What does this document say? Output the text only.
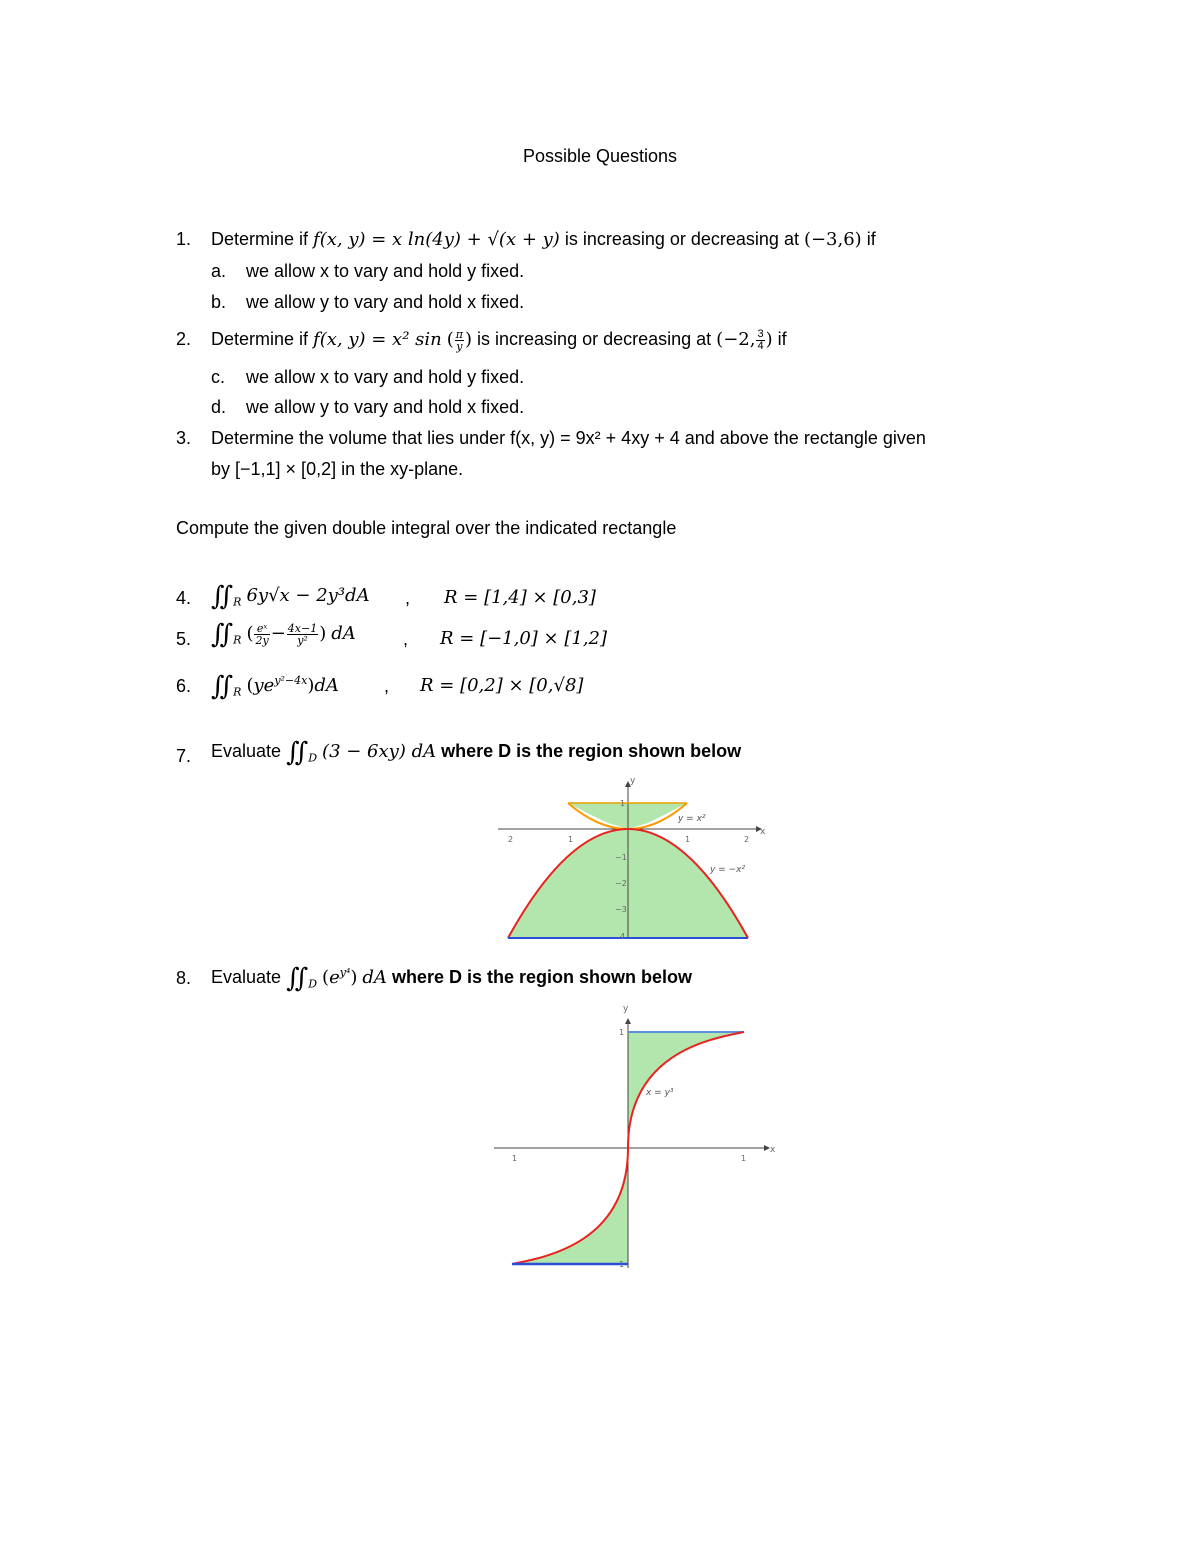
Possible Questions
1. Determine if f(x, y) = x ln(4y) + √(x + y) is increasing or decreasing at (−3,6) if
a. we allow x to vary and hold y fixed.
b. we allow y to vary and hold x fixed.
2. Determine if f(x, y) = x² sin ( $\frac{\pi}{y}$ ) is increasing or decreasing at (−2, $\frac{3}{4}$ ) if
c. we allow x to vary and hold y fixed.
d. we allow y to vary and hold x fixed.
3. Determine the volume that lies under f(x, y) = 9x² + 4xy + 4 and above the rectangle given
by [−1,1] × [0,2] in the xy-plane.
Compute the given double integral over the indicated rectangle
4. $∬_R$ 6y√x − 2y³dA , R = [1,4] × [0,3]
5. $∬_R$ ( $\frac{\text{eˣ}}{2y} - \frac{4x-1}{\text{y²}}$ ) dA	, R = [−1,0] × [1,2]
6. $∬_R$ $(ye^{y^2-4x})dA$	, R = [0,2] × [0,√8]
7. Evaluate $∬_D$ (3 − 6xy) dA where D is the region shown below
y
x
2	1	1	2
1
−1
−2
−3
4
y = x²
y = −x²
8. Evaluate $∬_D$ $(e^{y^4})$ dA where D is the region shown below
y
x
1	1
1
1
x = y³
